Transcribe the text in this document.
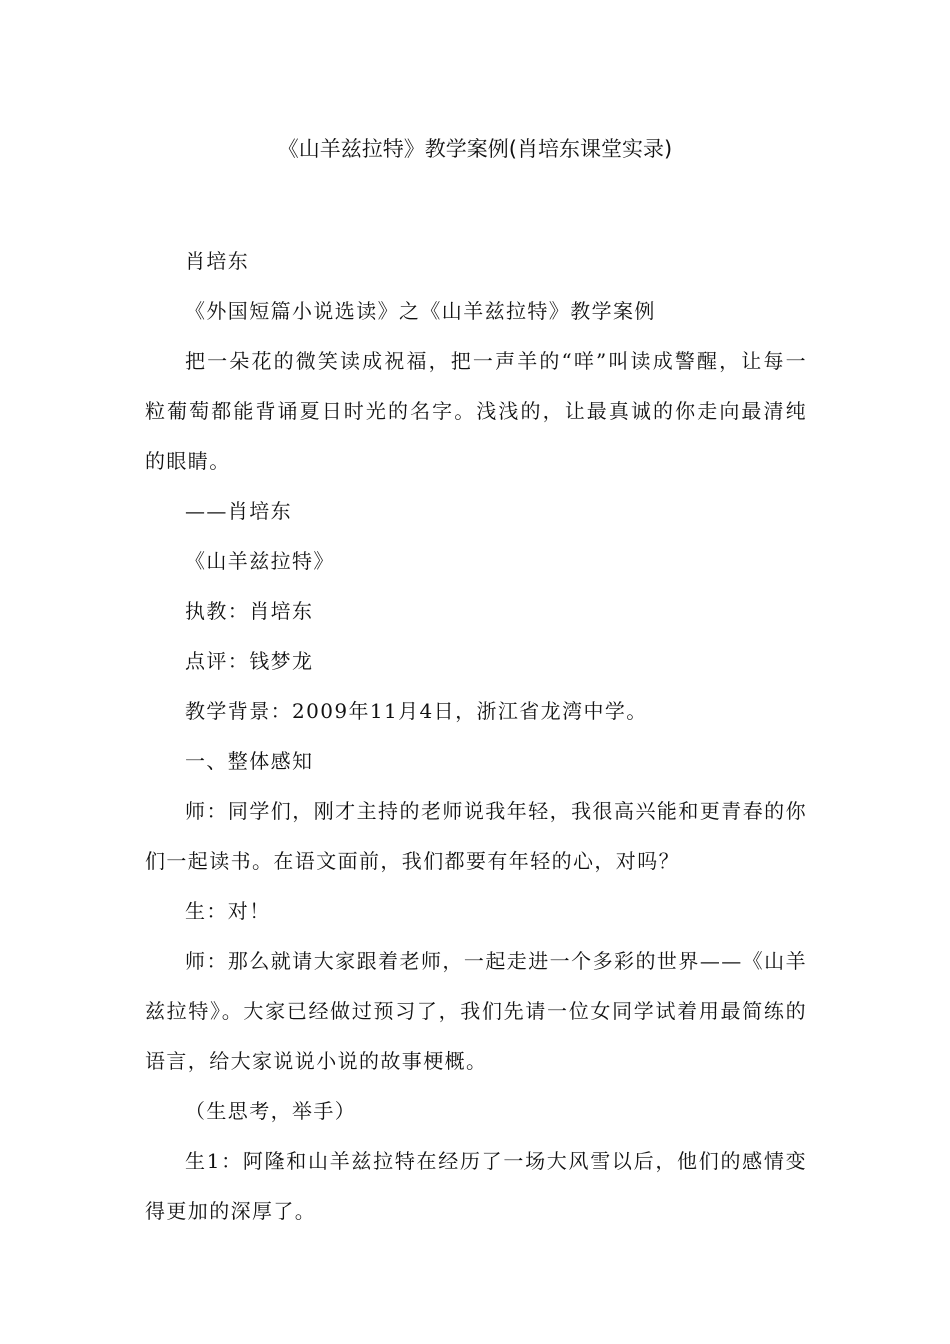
《山羊兹拉特》教学案例(肖培东课堂实录)

肖培东

《外国短篇小说选读》之《山羊兹拉特》教学案例

把一朵花的微笑读成祝福，把一声羊的“咩”叫读成警醒，让每一粒葡萄都能背诵夏日时光的名字。浅浅的，让最真诚的你走向最清纯的眼睛。

——肖培东

《山羊兹拉特》

执教：肖培东

点评：钱梦龙

教学背景：2009年11月4日，浙江省龙湾中学。

一、整体感知

师：同学们，刚才主持的老师说我年轻，我很高兴能和更青春的你们一起读书。在语文面前，我们都要有年轻的心，对吗？

生：对！

师：那么就请大家跟着老师，一起走进一个多彩的世界——《山羊兹拉特》。大家已经做过预习了，我们先请一位女同学试着用最简练的语言，给大家说说小说的故事梗概。

（生思考，举手）

生1：阿隆和山羊兹拉特在经历了一场大风雪以后，他们的感情变得更加的深厚了。
